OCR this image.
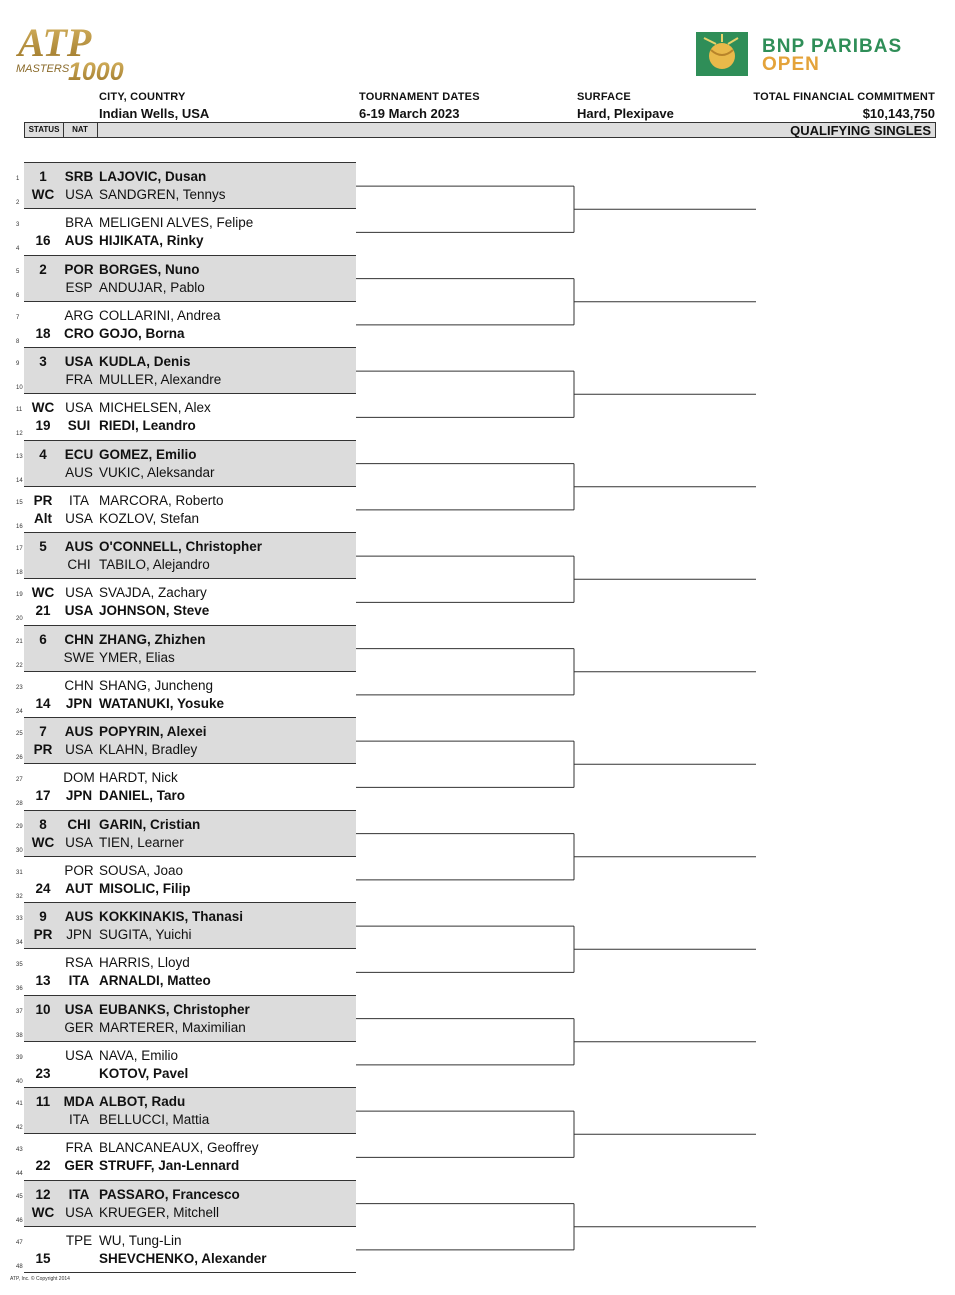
ATP
MASTERS
1000
BNP PARIBAS
OPEN
CITY, COUNTRY
Indian Wells, USA
TOURNAMENT DATES
6-19 March 2023
SURFACE
Hard, Plexipave
TOTAL FINANCIAL COMMITMENT
$10,143,750
STATUS	NAT	QUALIFYING SINGLES
1	SRB LAJOVIC, Dusan
1
WC USA SANDGREN, Tennys
2
BRA MELIGENI ALVES, Felipe
3
16	AUS HIJIKATA, Rinky
4
2	POR BORGES, Nuno
5
ESP ANDUJAR, Pablo
6
ARG COLLARINI, Andrea
7
18 CRO GOJO, Borna
8
3	USA KUDLA, Denis
9
FRA MULLER, Alexandre
10
WC USA MICHELSEN, Alex
11
19	SUI RIEDI, Leandro
12
4	ECU GOMEZ, Emilio
13
AUS VUKIC, Aleksandar
14
PR	ITA MARCORA, Roberto
15
Alt USA KOZLOV, Stefan
16
5	AUS O'CONNELL, Christopher
17
CHI TABILO, Alejandro
18
WC USA SVAJDA, Zachary
19
21	USA JOHNSON, Steve
20
6	CHN ZHANG, Zhizhen
21
SWE YMER, Elias
22
CHN SHANG, Juncheng
23
14	JPN WATANUKI, Yosuke
24
7	AUS POPYRIN, Alexei
25
PR USA KLAHN, Bradley
26
DOM HARDT, Nick
27
17	JPN DANIEL, Taro
28
8	CHI GARIN, Cristian
29
WC USA TIEN, Learner
30
POR SOUSA, Joao
31
24	AUT MISOLIC, Filip
32
9	AUS KOKKINAKIS, Thanasi
33
PR	JPN SUGITA, Yuichi
34
RSA HARRIS, Lloyd
35
13	ITA ARNALDI, Matteo
36
10	USA EUBANKS, Christopher
37
GER MARTERER, Maximilian
38
USA NAVA, Emilio
39
23	KOTOV, Pavel
40
11 MDA ALBOT, Radu
41
ITA BELLUCCI, Mattia
42
FRA BLANCANEAUX, Geoffrey
43
22	GER STRUFF, Jan-Lennard
44
12	ITA PASSARO, Francesco
45
WC USA KRUEGER, Mitchell
46
TPE WU, Tung-Lin
47
15	SHEVCHENKO, Alexander
48
ATP, Inc. © Copyright 2014
